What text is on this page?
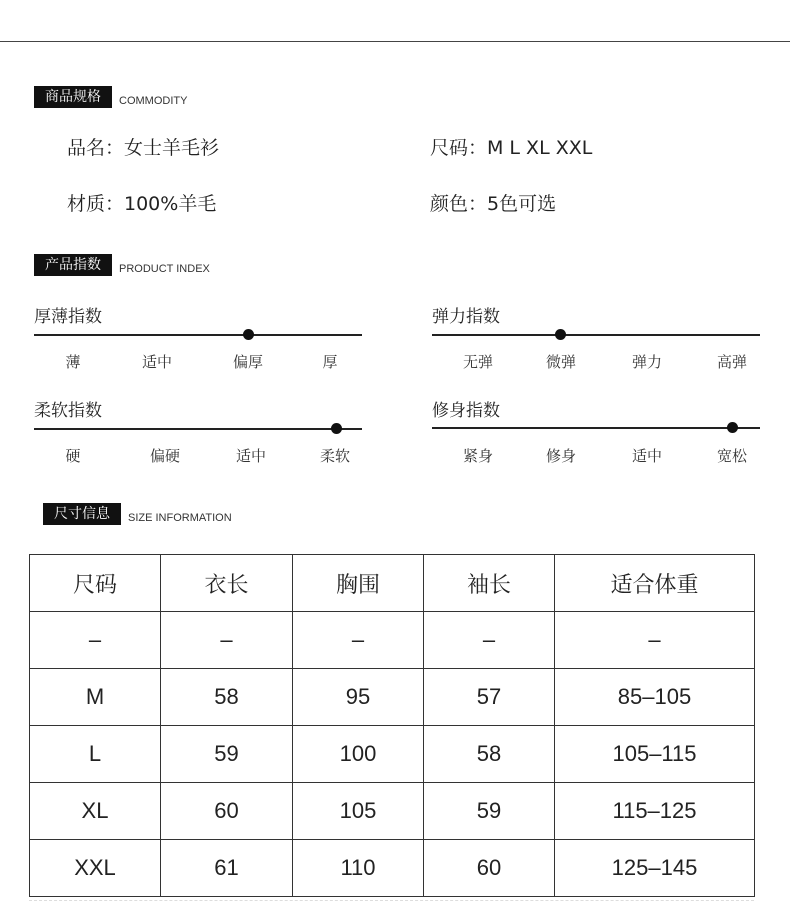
商品规格	COMMODITY
品名：女士羊毛衫	尺码：M L XL XXL
材质：100%羊毛	颜色：5色可选
产品指数	PRODUCT INDEX
厚薄指数
薄	适中	偏厚	厚
弹力指数
无弹	微弹	弹力	高弹
柔软指数
硬	偏硬	适中	柔软
修身指数
紧身	修身	适中	宽松
尺寸信息	SIZE INFORMATION
尺码	衣长	胸围	袖长	适合体重
–	–	–	–	–
M	58	95	57	85–105
L	59	100	58	105–115
XL	60	105	59	115–125
XXL	61	110	60	125–145
